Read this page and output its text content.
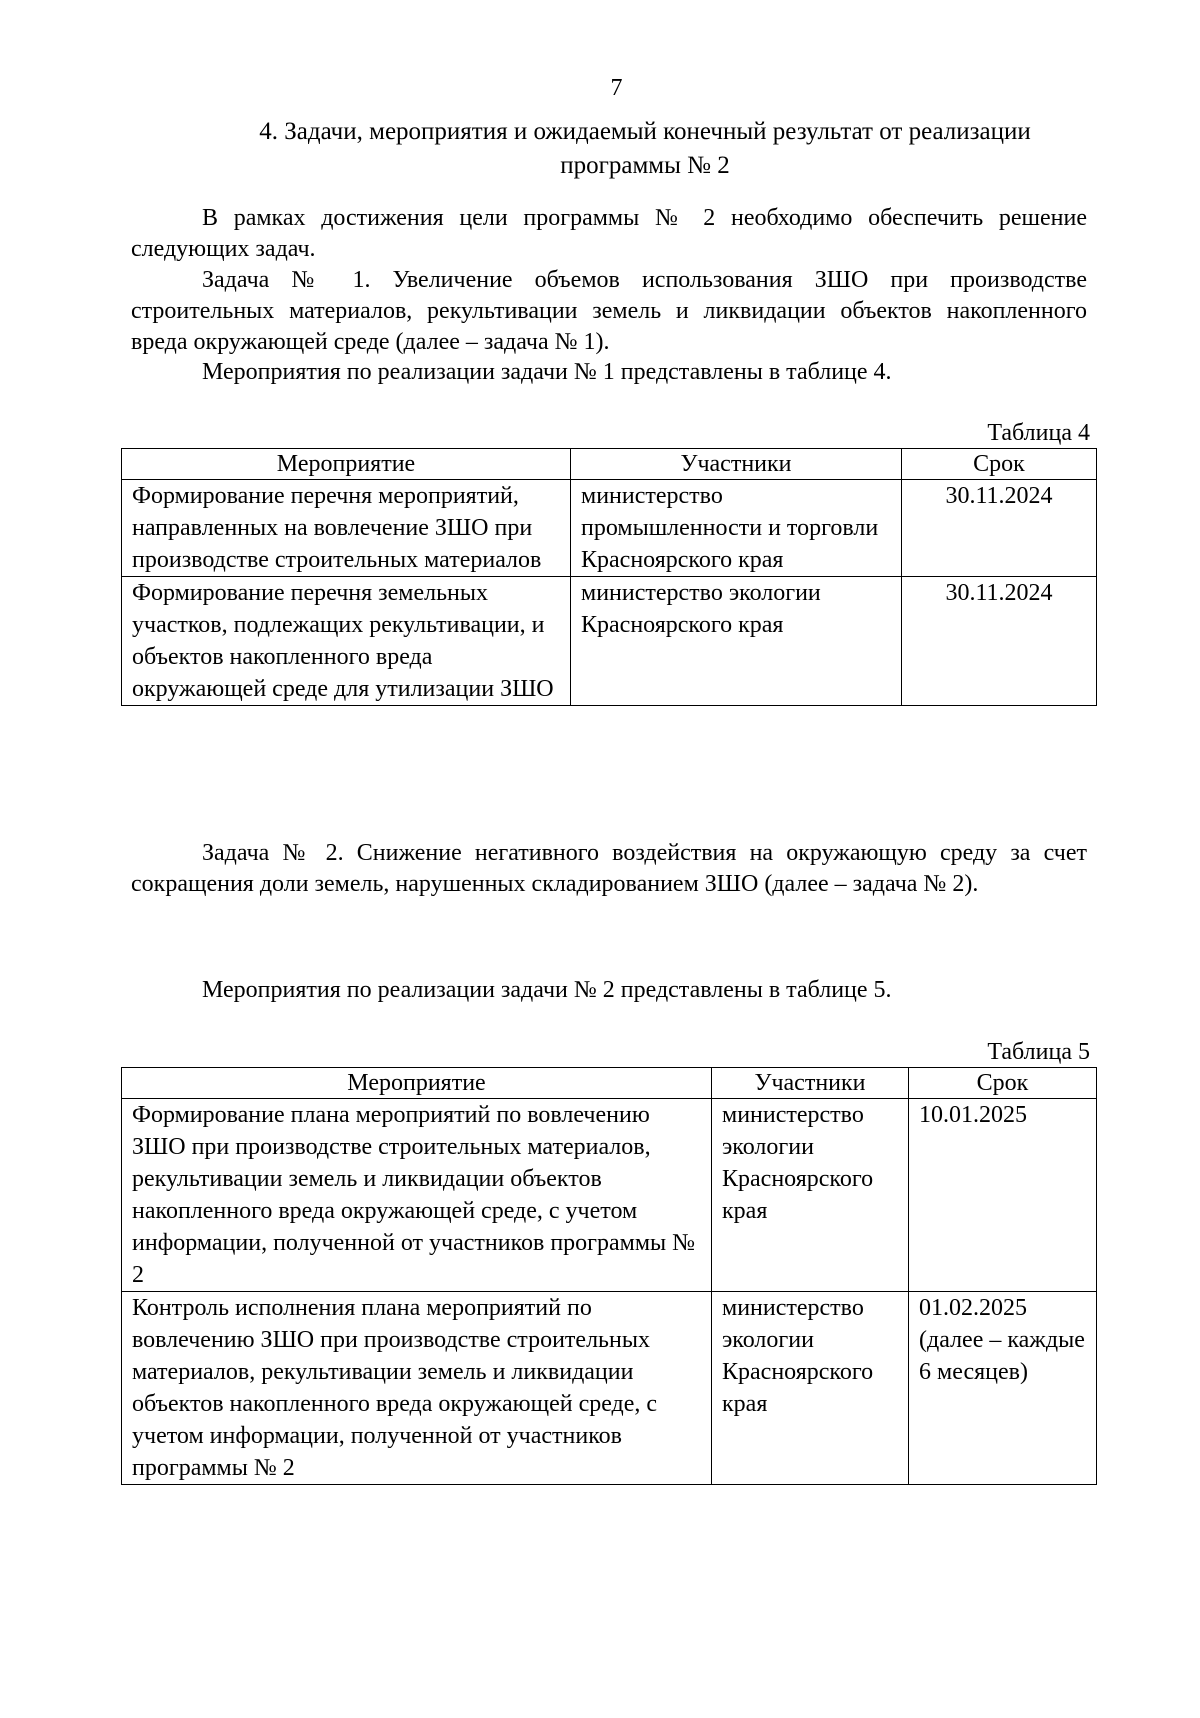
7
4. Задачи, мероприятия и ожидаемый конечный результат от реализации
программы № 2
В рамках достижения цели программы № 2 необходимо обеспечить решение следующих задач.
Задача № 1. Увеличение объемов использования ЗШО при производстве строительных материалов, рекультивации земель и ликвидации объектов накопленного вреда окружающей среде (далее – задача № 1).
Мероприятия по реализации задачи № 1 представлены в таблице 4.
Таблица 4
Мероприятие	Участники	Срок
Формирование перечня мероприятий, направленных на вовлечение ЗШО при производстве строительных материалов	министерство промышленности и торговли Красноярского края	30.11.2024
Формирование перечня земельных участков, подлежащих рекультивации, и объектов накопленного вреда окружающей среде для утилизации ЗШО	министерство экологии Красноярского края	30.11.2024
Задача № 2. Снижение негативного воздействия на окружающую среду за счет сокращения доли земель, нарушенных складированием ЗШО (далее – задача № 2).
Мероприятия по реализации задачи № 2 представлены в таблице 5.
Таблица 5
Мероприятие	Участники	Срок
Формирование плана мероприятий по вовлечению ЗШО при производстве строительных материалов, рекультивации земель и ликвидации объектов накопленного вреда окружающей среде, с учетом информации, полученной от участников программы № 2	министерство экологии Красноярского края	10.01.2025
Контроль исполнения плана мероприятий по вовлечению ЗШО при производстве строительных материалов, рекультивации земель и ликвидации объектов накопленного вреда окружающей среде, с учетом информации, полученной от участников программы № 2	министерство экологии Красноярского края	01.02.2025 (далее – каждые 6 месяцев)
